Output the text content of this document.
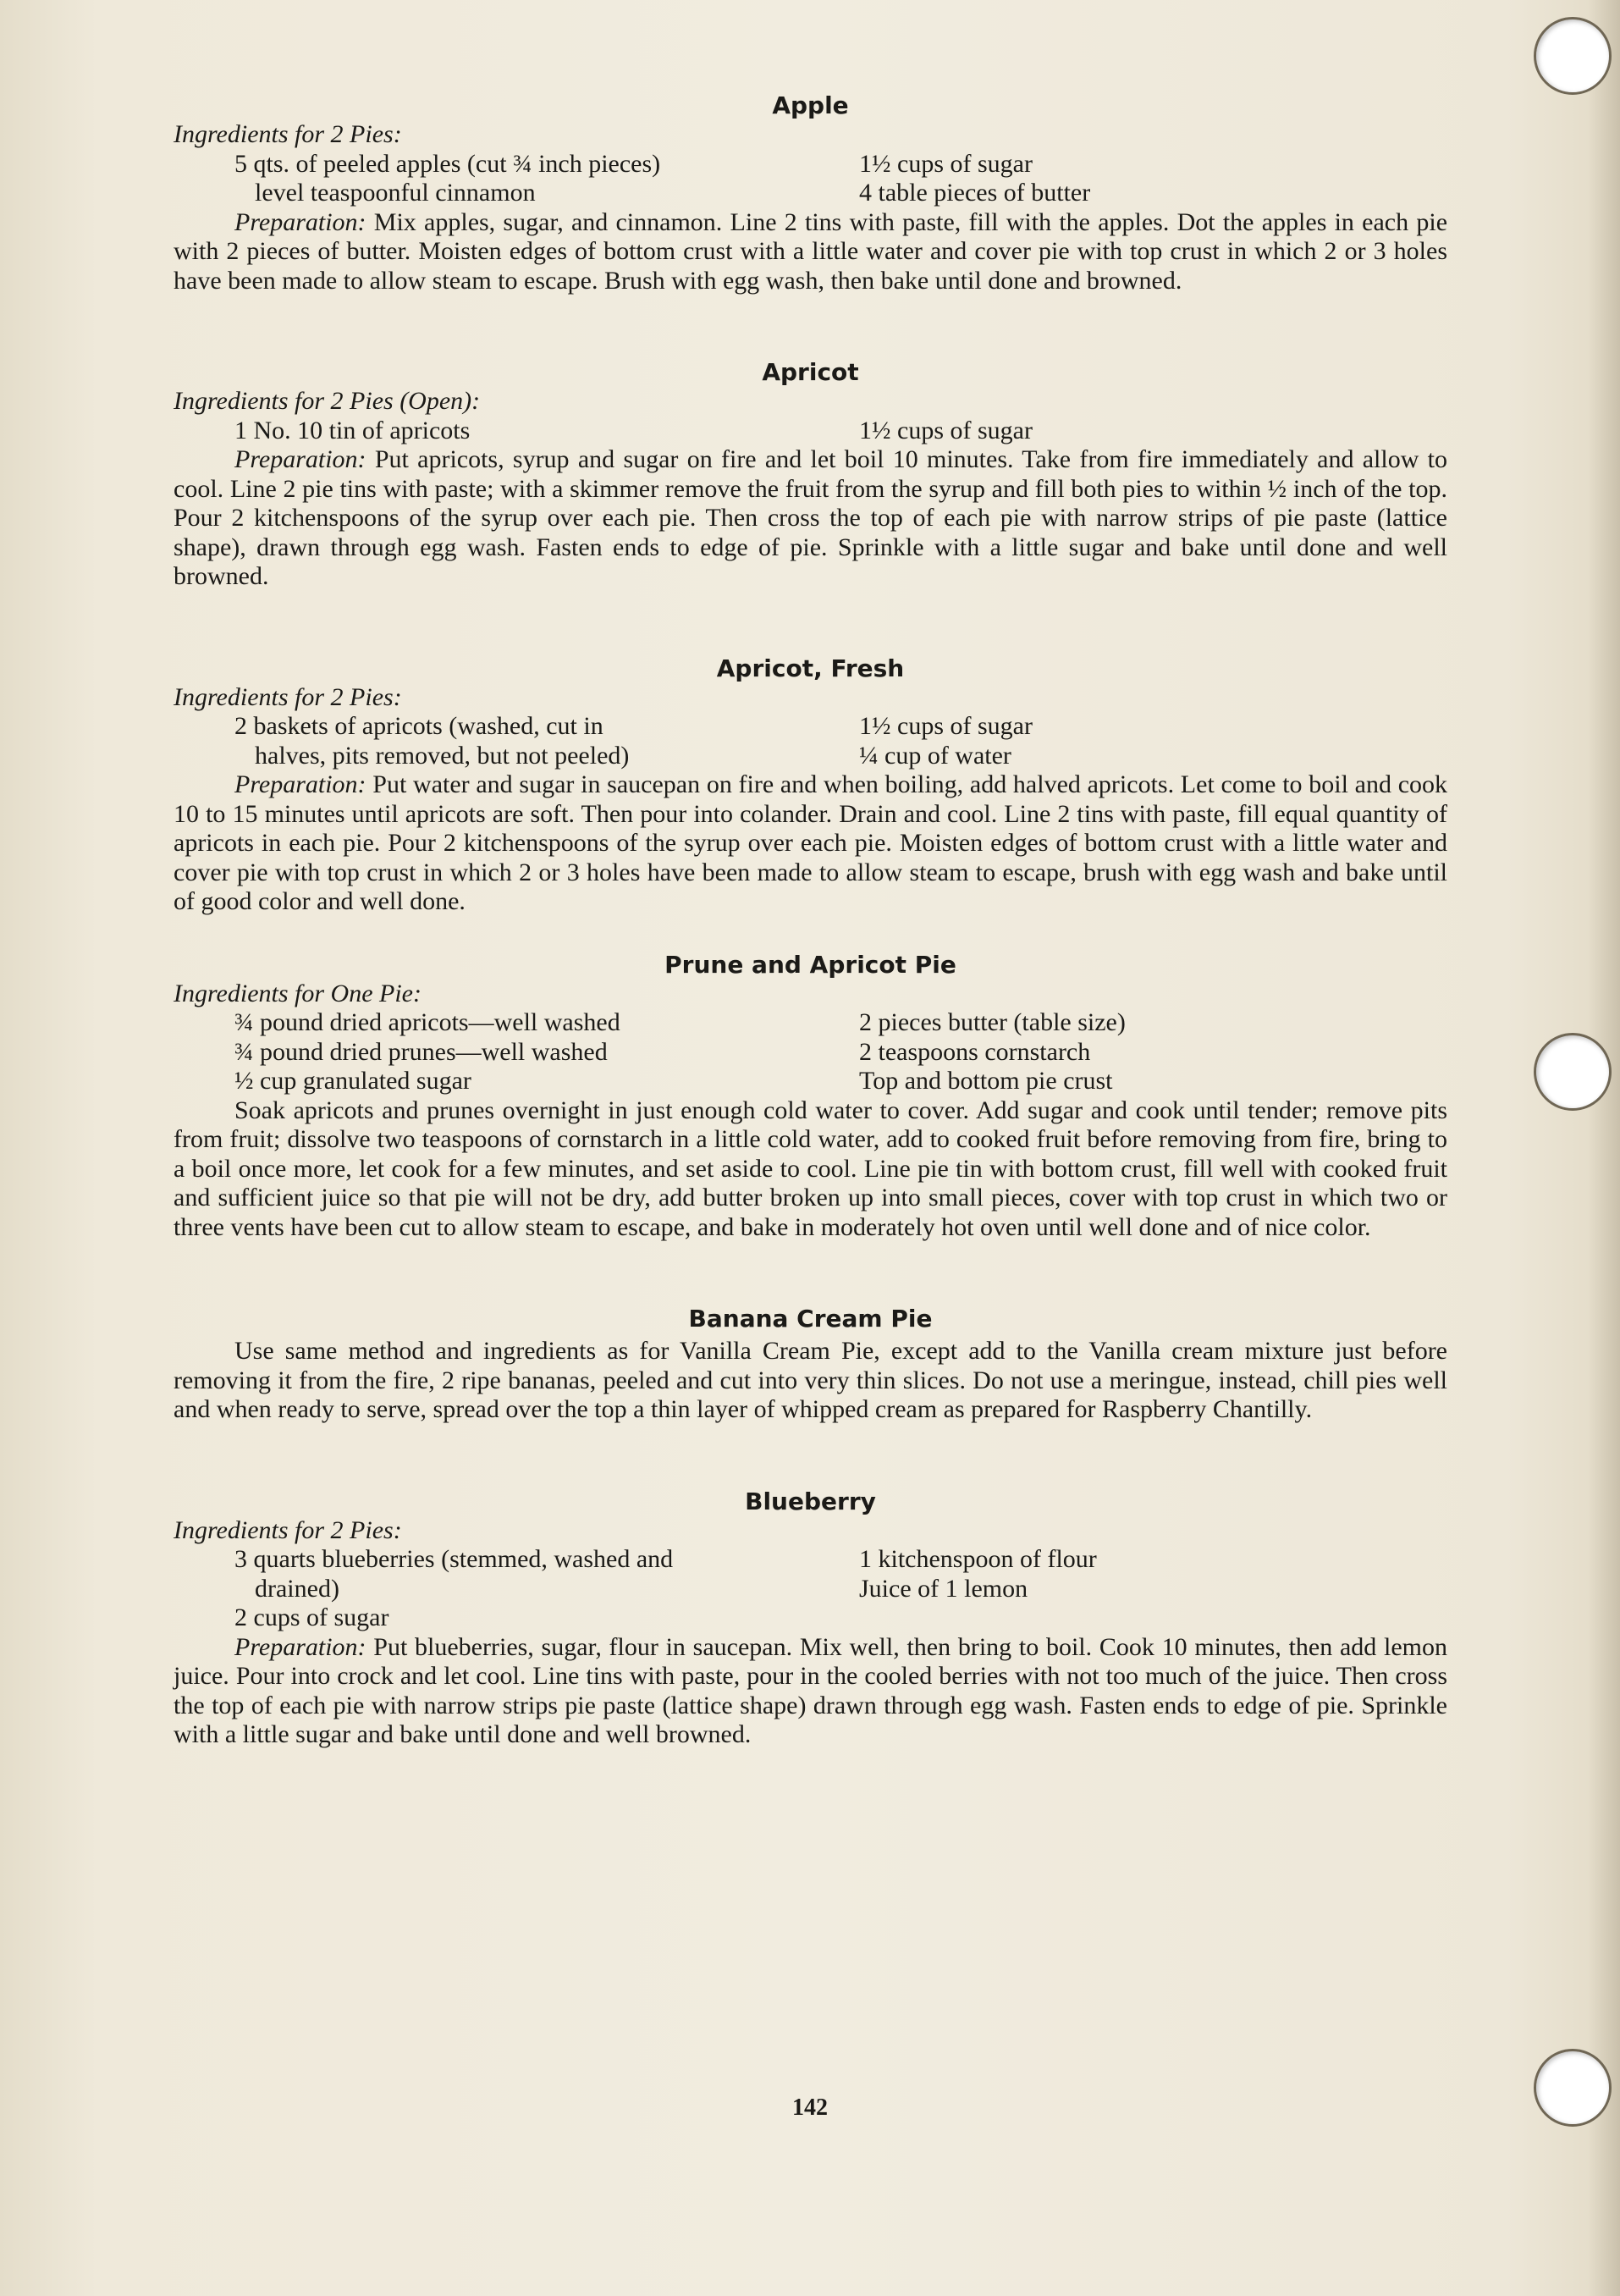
Apple

Ingredients for 2 Pies:

5 qts. of peeled apples (cut ¾ inch pieces)
level teaspoonful cinnamon
1½ cups of sugar
4 table pieces of butter

Preparation: Mix apples, sugar, and cinnamon. Line 2 tins with paste, fill with the apples. Dot the apples in each pie with 2 pieces of butter. Moisten edges of bottom crust with a little water and cover pie with top crust in which 2 or 3 holes have been made to allow steam to escape. Brush with egg wash, then bake until done and browned.

Apricot

Ingredients for 2 Pies (Open):

1 No. 10 tin of apricots	1½ cups of sugar

Preparation: Put apricots, syrup and sugar on fire and let boil 10 minutes. Take from fire immediately and allow to cool. Line 2 pie tins with paste; with a skimmer remove the fruit from the syrup and fill both pies to within ½ inch of the top. Pour 2 kitchenspoons of the syrup over each pie. Then cross the top of each pie with narrow strips of pie paste (lattice shape), drawn through egg wash. Fasten ends to edge of pie. Sprinkle with a little sugar and bake until done and well browned.

Apricot, Fresh

Ingredients for 2 Pies:

2 baskets of apricots (washed, cut in
halves, pits removed, but not peeled)
1½ cups of sugar
¼ cup of water

Preparation: Put water and sugar in saucepan on fire and when boiling, add halved apricots. Let come to boil and cook 10 to 15 minutes until apricots are soft. Then pour into colander. Drain and cool. Line 2 tins with paste, fill equal quantity of apricots in each pie. Pour 2 kitchenspoons of the syrup over each pie. Moisten edges of bottom crust with a little water and cover pie with top crust in which 2 or 3 holes have been made to allow steam to escape, brush with egg wash and bake until of good color and well done.

Prune and Apricot Pie

Ingredients for One Pie:

¾ pound dried apricots—well washed
¾ pound dried prunes—well washed
½ cup granulated sugar
2 pieces butter (table size)
2 teaspoons cornstarch
Top and bottom pie crust

Soak apricots and prunes overnight in just enough cold water to cover. Add sugar and cook until tender; remove pits from fruit; dissolve two teaspoons of cornstarch in a little cold water, add to cooked fruit before removing from fire, bring to a boil once more, let cook for a few minutes, and set aside to cool. Line pie tin with bottom crust, fill well with cooked fruit and sufficient juice so that pie will not be dry, add butter broken up into small pieces, cover with top crust in which two or three vents have been cut to allow steam to escape, and bake in moderately hot oven until well done and of nice color.

Banana Cream Pie

Use same method and ingredients as for Vanilla Cream Pie, except add to the Vanilla cream mixture just before removing it from the fire, 2 ripe bananas, peeled and cut into very thin slices. Do not use a meringue, instead, chill pies well and when ready to serve, spread over the top a thin layer of whipped cream as prepared for Raspberry Chantilly.

Blueberry

Ingredients for 2 Pies:

3 quarts blueberries (stemmed, washed and
drained)
2 cups of sugar
1 kitchenspoon of flour
Juice of 1 lemon

Preparation: Put blueberries, sugar, flour in saucepan. Mix well, then bring to boil. Cook 10 minutes, then add lemon juice. Pour into crock and let cool. Line tins with paste, pour in the cooled berries with not too much of the juice. Then cross the top of each pie with narrow strips pie paste (lattice shape) drawn through egg wash. Fasten ends to edge of pie. Sprinkle with a little sugar and bake until done and well browned.

142
